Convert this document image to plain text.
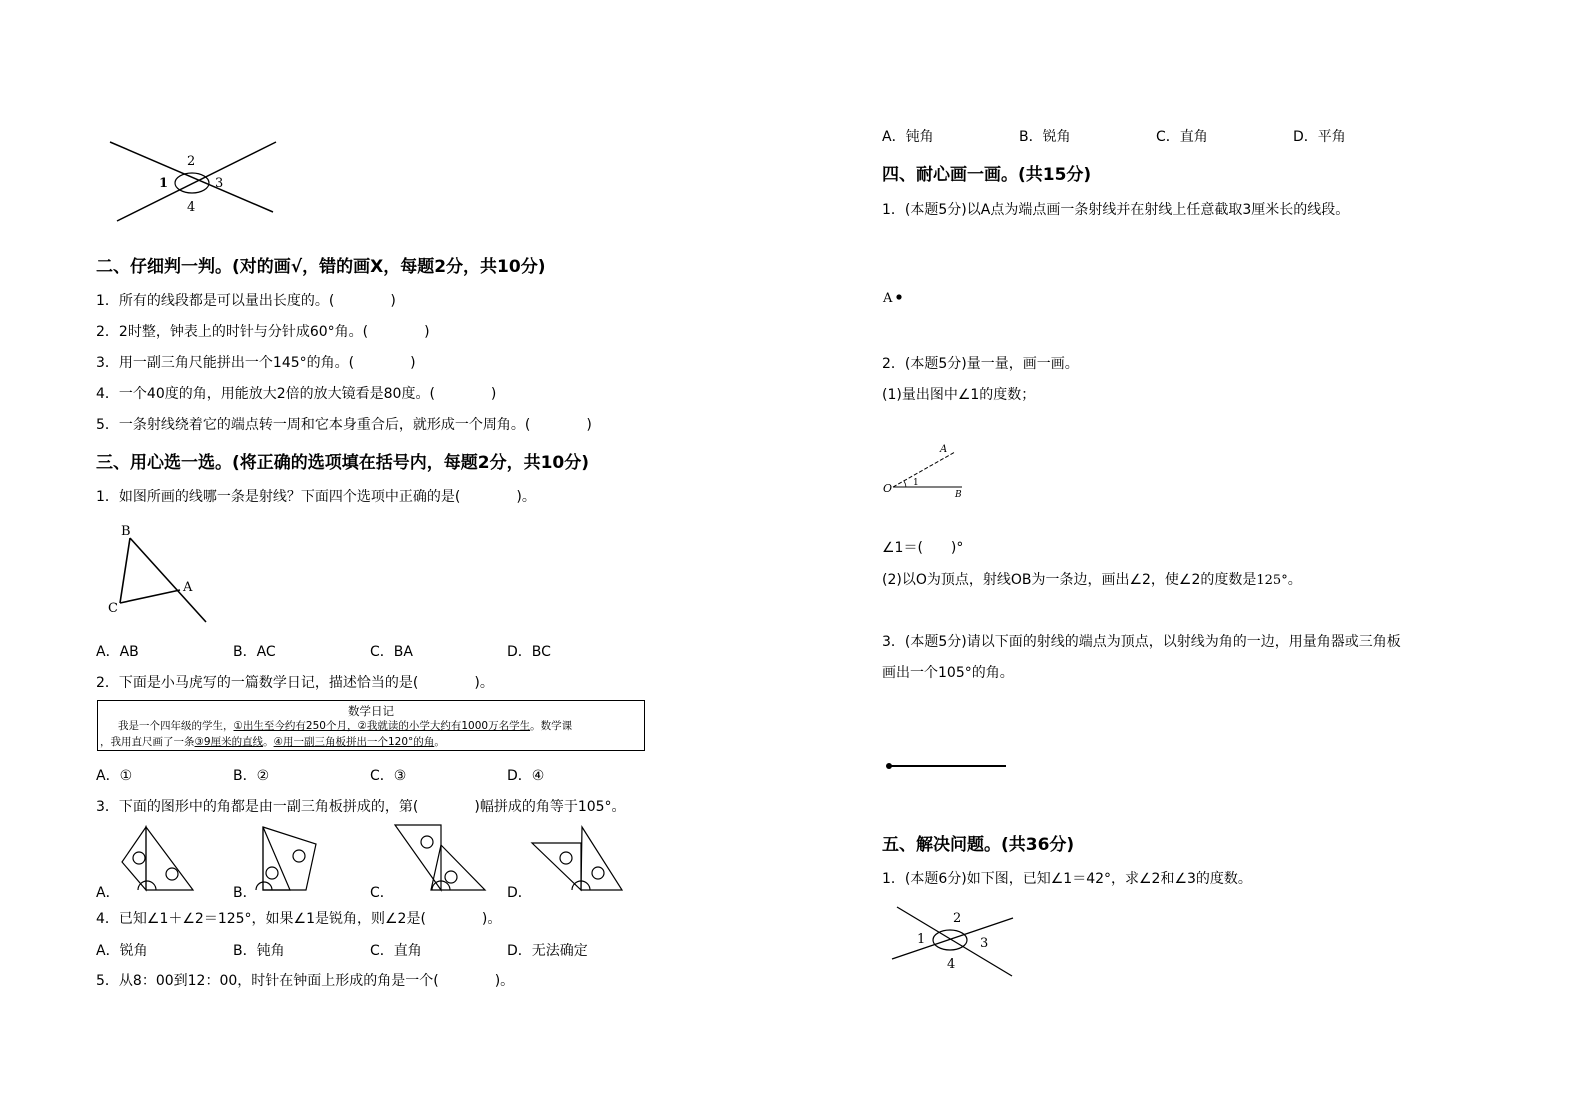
2
1	3
4
二、仔细判一判。(对的画√，错的画X，每题2分，共10分)
1．所有的线段都是可以量出长度的。(　　　　)
2．2时整，钟表上的时针与分针成60°角。(　　　　)
3．用一副三角尺能拼出一个145°的角。(　　　　)
4．一个40度的角，用能放大2倍的放大镜看是80度。(　　　　)
5．一条射线绕着它的端点转一周和它本身重合后，就形成一个周角。(　　　　)
三、用心选一选。(将正确的选项填在括号内，每题2分，共10分)
1．如图所画的线哪一条是射线？下面四个选项中正确的是(　　　　)。
B
A
C
A．AB	B．AC	C．BA	D．BC
2．下面是小马虎写的一篇数学日记，描述恰当的是(　　　　)。
数学日记
我是一个四年级的学生，①出生至今约有250个月，②我就读的小学大约有1000万名学生。数学课
，我用直尺画了一条③9厘米的直线。④用一副三角板拼出一个120°的角。
A．①	B．②	C．③	D．④
3．下面的图形中的角都是由一副三角板拼成的，第(　　　　)幅拼成的角等于105°。
A．	B．	C．	D．
4．已知∠1＋∠2＝125°，如果∠1是锐角，则∠2是(　　　　)。
A．锐角	B．钝角	C．直角	D．无法确定
5．从8：00到12：00，时针在钟面上形成的角是一个(　　　　)。
A．钝角	B．锐角	C．直角	D．平角
四、耐心画一画。(共15分)
1．(本题5分)以A点为端点画一条射线并在射线上任意截取3厘米长的线段。
A
2．(本题5分)量一量，画一画。
(1)量出图中∠1的度数；
A
O 1
B
∠1＝(　　)°
(2)以O为顶点，射线OB为一条边，画出∠2，使∠2的度数是125°。
3．(本题5分)请以下面的射线的端点为顶点，以射线为角的一边，用量角器或三角板
画出一个105°的角。
五、解决问题。(共36分)
1．(本题6分)如下图，已知∠1＝42°，求∠2和∠3的度数。
1
2
3
4
